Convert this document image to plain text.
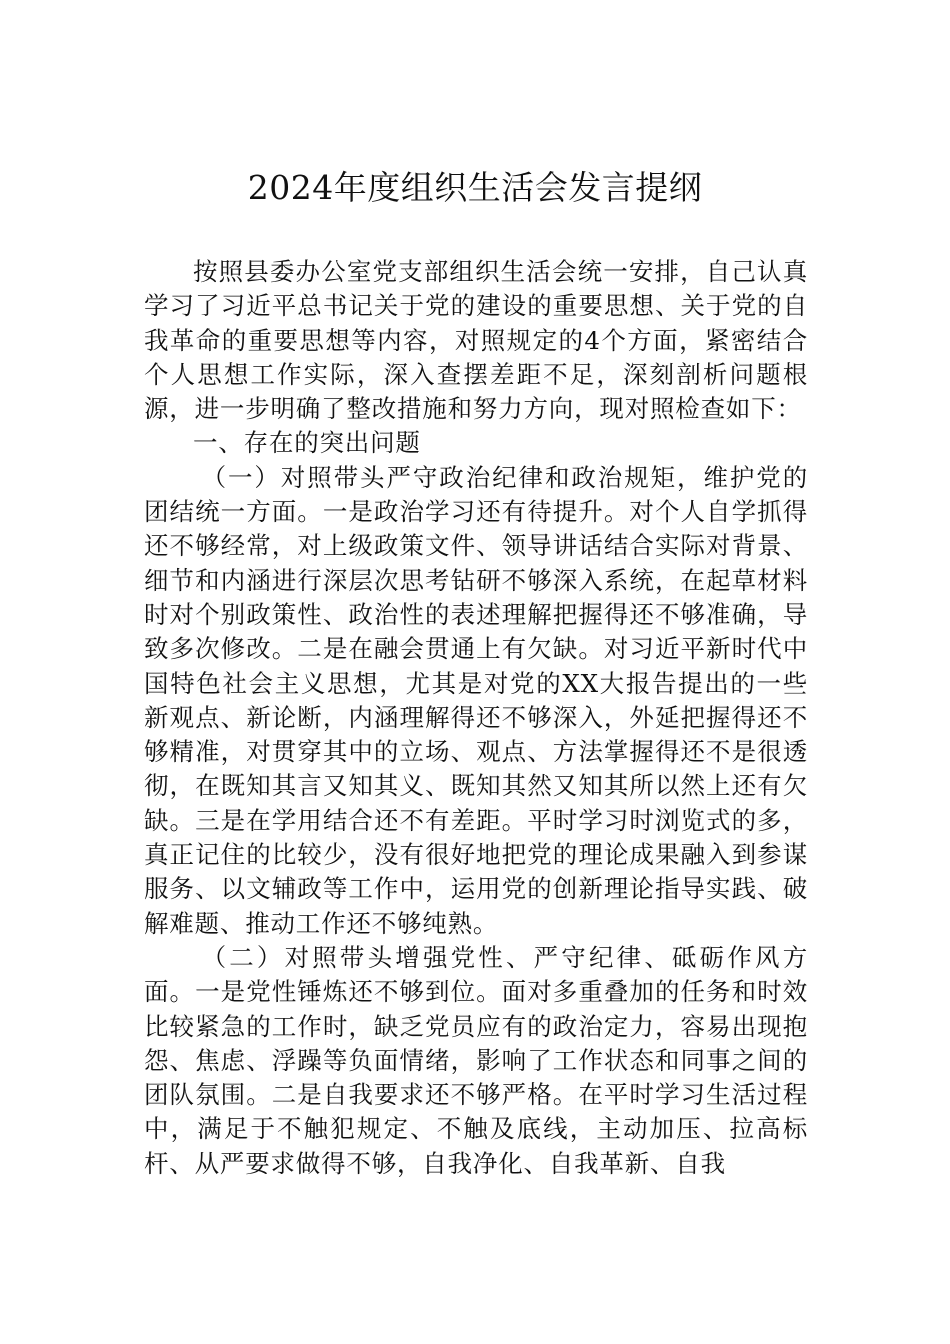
2024年度组织生活会发言提纲

按照县委办公室党支部组织生活会统一安排，自己认真学习了习近平总书记关于党的建设的重要思想、关于党的自我革命的重要思想等内容，对照规定的4个方面，紧密结合个人思想工作实际，深入查摆差距不足，深刻剖析问题根源，进一步明确了整改措施和努力方向，现对照检查如下：

一、存在的突出问题

（一）对照带头严守政治纪律和政治规矩，维护党的团结统一方面。一是政治学习还有待提升。对个人自学抓得还不够经常，对上级政策文件、领导讲话结合实际对背景、细节和内涵进行深层次思考钻研不够深入系统，在起草材料时对个别政策性、政治性的表述理解把握得还不够准确，导致多次修改。二是在融会贯通上有欠缺。对习近平新时代中国特色社会主义思想，尤其是对党的XX大报告提出的一些新观点、新论断，内涵理解得还不够深入，外延把握得还不够精准，对贯穿其中的立场、观点、方法掌握得还不是很透彻，在既知其言又知其义、既知其然又知其所以然上还有欠缺。三是在学用结合还不有差距。平时学习时浏览式的多，真正记住的比较少，没有很好地把党的理论成果融入到参谋服务、以文辅政等工作中，运用党的创新理论指导实践、破解难题、推动工作还不够纯熟。

（二）对照带头增强党性、严守纪律、砥砺作风方面。一是党性锤炼还不够到位。面对多重叠加的任务和时效比较紧急的工作时，缺乏党员应有的政治定力，容易出现抱怨、焦虑、浮躁等负面情绪，影响了工作状态和同事之间的团队氛围。二是自我要求还不够严格。在平时学习生活过程中，满足于不触犯规定、不触及底线，主动加压、拉高标杆、从严要求做得不够，自我净化、自我革新、自我
